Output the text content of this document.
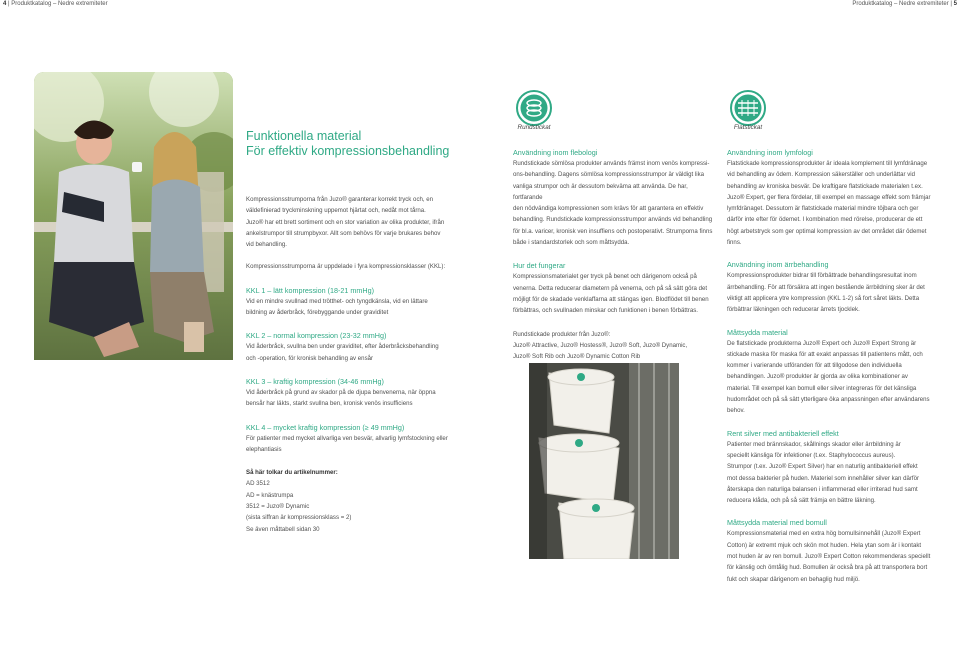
4 | Produktkatalog – Nedre extremiteter	Produktkatalog – Nedre extremiteter | 5
Funktionella material
För effektiv kompressionsbehandling

Kompressionsstrumporna från Juzo® garanterar korrekt tryck och, en

väldefinierad tryckminskning uppemot hjärtat och, nedåt mot tårna.

Juzo® har ett brett sortiment och en stor variation av olika produkter, ifrån

ankelstrumpor till strumpbyxor. Allt som behövs för varje brukares behov

vid behandling.

Kompressionsstrumporna är uppdelade i fyra kompressionsklasser (KKL):

KKL 1 – lätt kompression (18-21 mmHg)

Vid en mindre svullnad med trötthet- och tyngdkänsla, vid en lättare

bildning av åderbråck, förebyggande under graviditet

KKL 2 – normal kompression (23-32 mmHg)

Vid åderbråck, svullna ben under graviditet, efter åderbråcksbehandling

och -operation, för kronisk behandling av ensår

KKL 3 – kraftig kompression (34-46 mmHg)

Vid åderbråck på grund av skador på de djupa benvenerna, när öppna

bensår har läkts, starkt svullna ben, kronisk venös insufficiens

KKL 4 – mycket kraftig kompression (≥ 49 mmHg)

För patienter med mycket allvarliga ven besvär, allvarlig lymfstockning eller

elephantiasis

Så här tolkar du artikelnummer:

AD 3512

AD = knästrumpa

3512 = Juzo® Dynamic

(sista siffran är kompressionsklass = 2)

Se även måttabell sidan 30

Rundstickat	Flatstickat

Användning inom flebologi

Rundstickade sömlösa produkter används främst inom venös kompressi-

ons-behandling. Dagens sömlösa kompressionsstrumpor är väldigt lika

vanliga strumpor och är dessutom bekväma att använda. De har, fortfarande

den nödvändiga kompressionen som krävs för att garantera en effektiv

behandling. Rundstickade kompressionsstrumpor används vid behandling

för bl.a. varicer, kronisk ven insuffiens och postoperativt. Strumporna finns

både i standardstorlek och som måttsydda.

Hur det fungerar

Kompressionsmaterialet ger tryck på benet och därigenom också på

venerna. Detta reducerar diametern på venerna, och på så sätt göra det

möjligt för de skadade venklaffarna att stängas igen. Blodflödet till benen

förbättras, och svullnaden minskar och funktionen i benen förbättras.

Rundstickade produkter från Juzo®:

Juzo® Attractive, Juzo® Hostess®, Juzo® Soft, Juzo® Dynamic,

Juzo® Soft Rib och Juzo® Dynamic Cotton Rib

Användning inom lymfologi

Flatstickade kompressionsprodukter är ideala komplement till lymfdränage

vid behandling av ödem. Kompression säkerställer och underlättar vid

behandling av kroniska besvär. De kraftigare flatstickade materialen t.ex.

Juzo® Expert, ger flera fördelar, till exempel en massage effekt som främjar

lymfdränaget. Dessutom är flatstickade material mindre töjbara och ger

därför inte efter för ödemet. I kombination med rörelse, producerar de ett

högt arbetstryck som ger optimal kompression av det området där ödemet

finns.

Användning inom ärrbehandling

Kompressionsprodukter bidrar till förbättrade behandlingsresultat inom

ärrbehandling. För att försäkra att ingen bestående ärrbildning sker är det

viktigt att applicera ytre kompression (KKL 1-2) så fort såret läkts. Detta

förbättrar läkningen och reducerar ärrets tjocklek.

Måttsydda material

De flatstickade produkterna Juzo® Expert och Juzo® Expert Strong är

stickade maska för maska för att exakt anpassas till patientens mått, och

kommer i varierande utföranden för att tillgodose den individuella

behandlingen. Juzo® produkter är gjorda av olika kombinationer av

material. Till exempel kan bomull eller silver integreras för det känsliga

hudområdet och på så sätt ytterligare öka anpassningen efter användarens

behov.

Rent silver med antibakteriell effekt

Patienter med brännskador, skållnings skador eller ärrbildning är

speciellt känsliga för infektioner (t.ex. Staphylococcus aureus).

Strumpor (t.ex. Juzo® Expert Silver) har en naturlig antibakteriell effekt

mot dessa bakterier på huden. Materiel som innehåller silver kan därför

återskapa den naturliga balansen i inflammerad eller irriterad hud samt

reducera klåda, och på så sätt främja en bättre läkning.

Måttsydda material med bomull

Kompressionsmaterial med en extra hög bomullsinnehåll (Juzo® Expert

Cotton) är extremt mjuk och skön mot huden. Hela ytan som är i kontakt

mot huden är av ren bomull. Juzo® Expert Cotton rekommenderas speciellt

för känslig och ömtålig hud. Bomullen är också bra på att transportera bort

fukt och skapar därigenom en behaglig hud miljö.
